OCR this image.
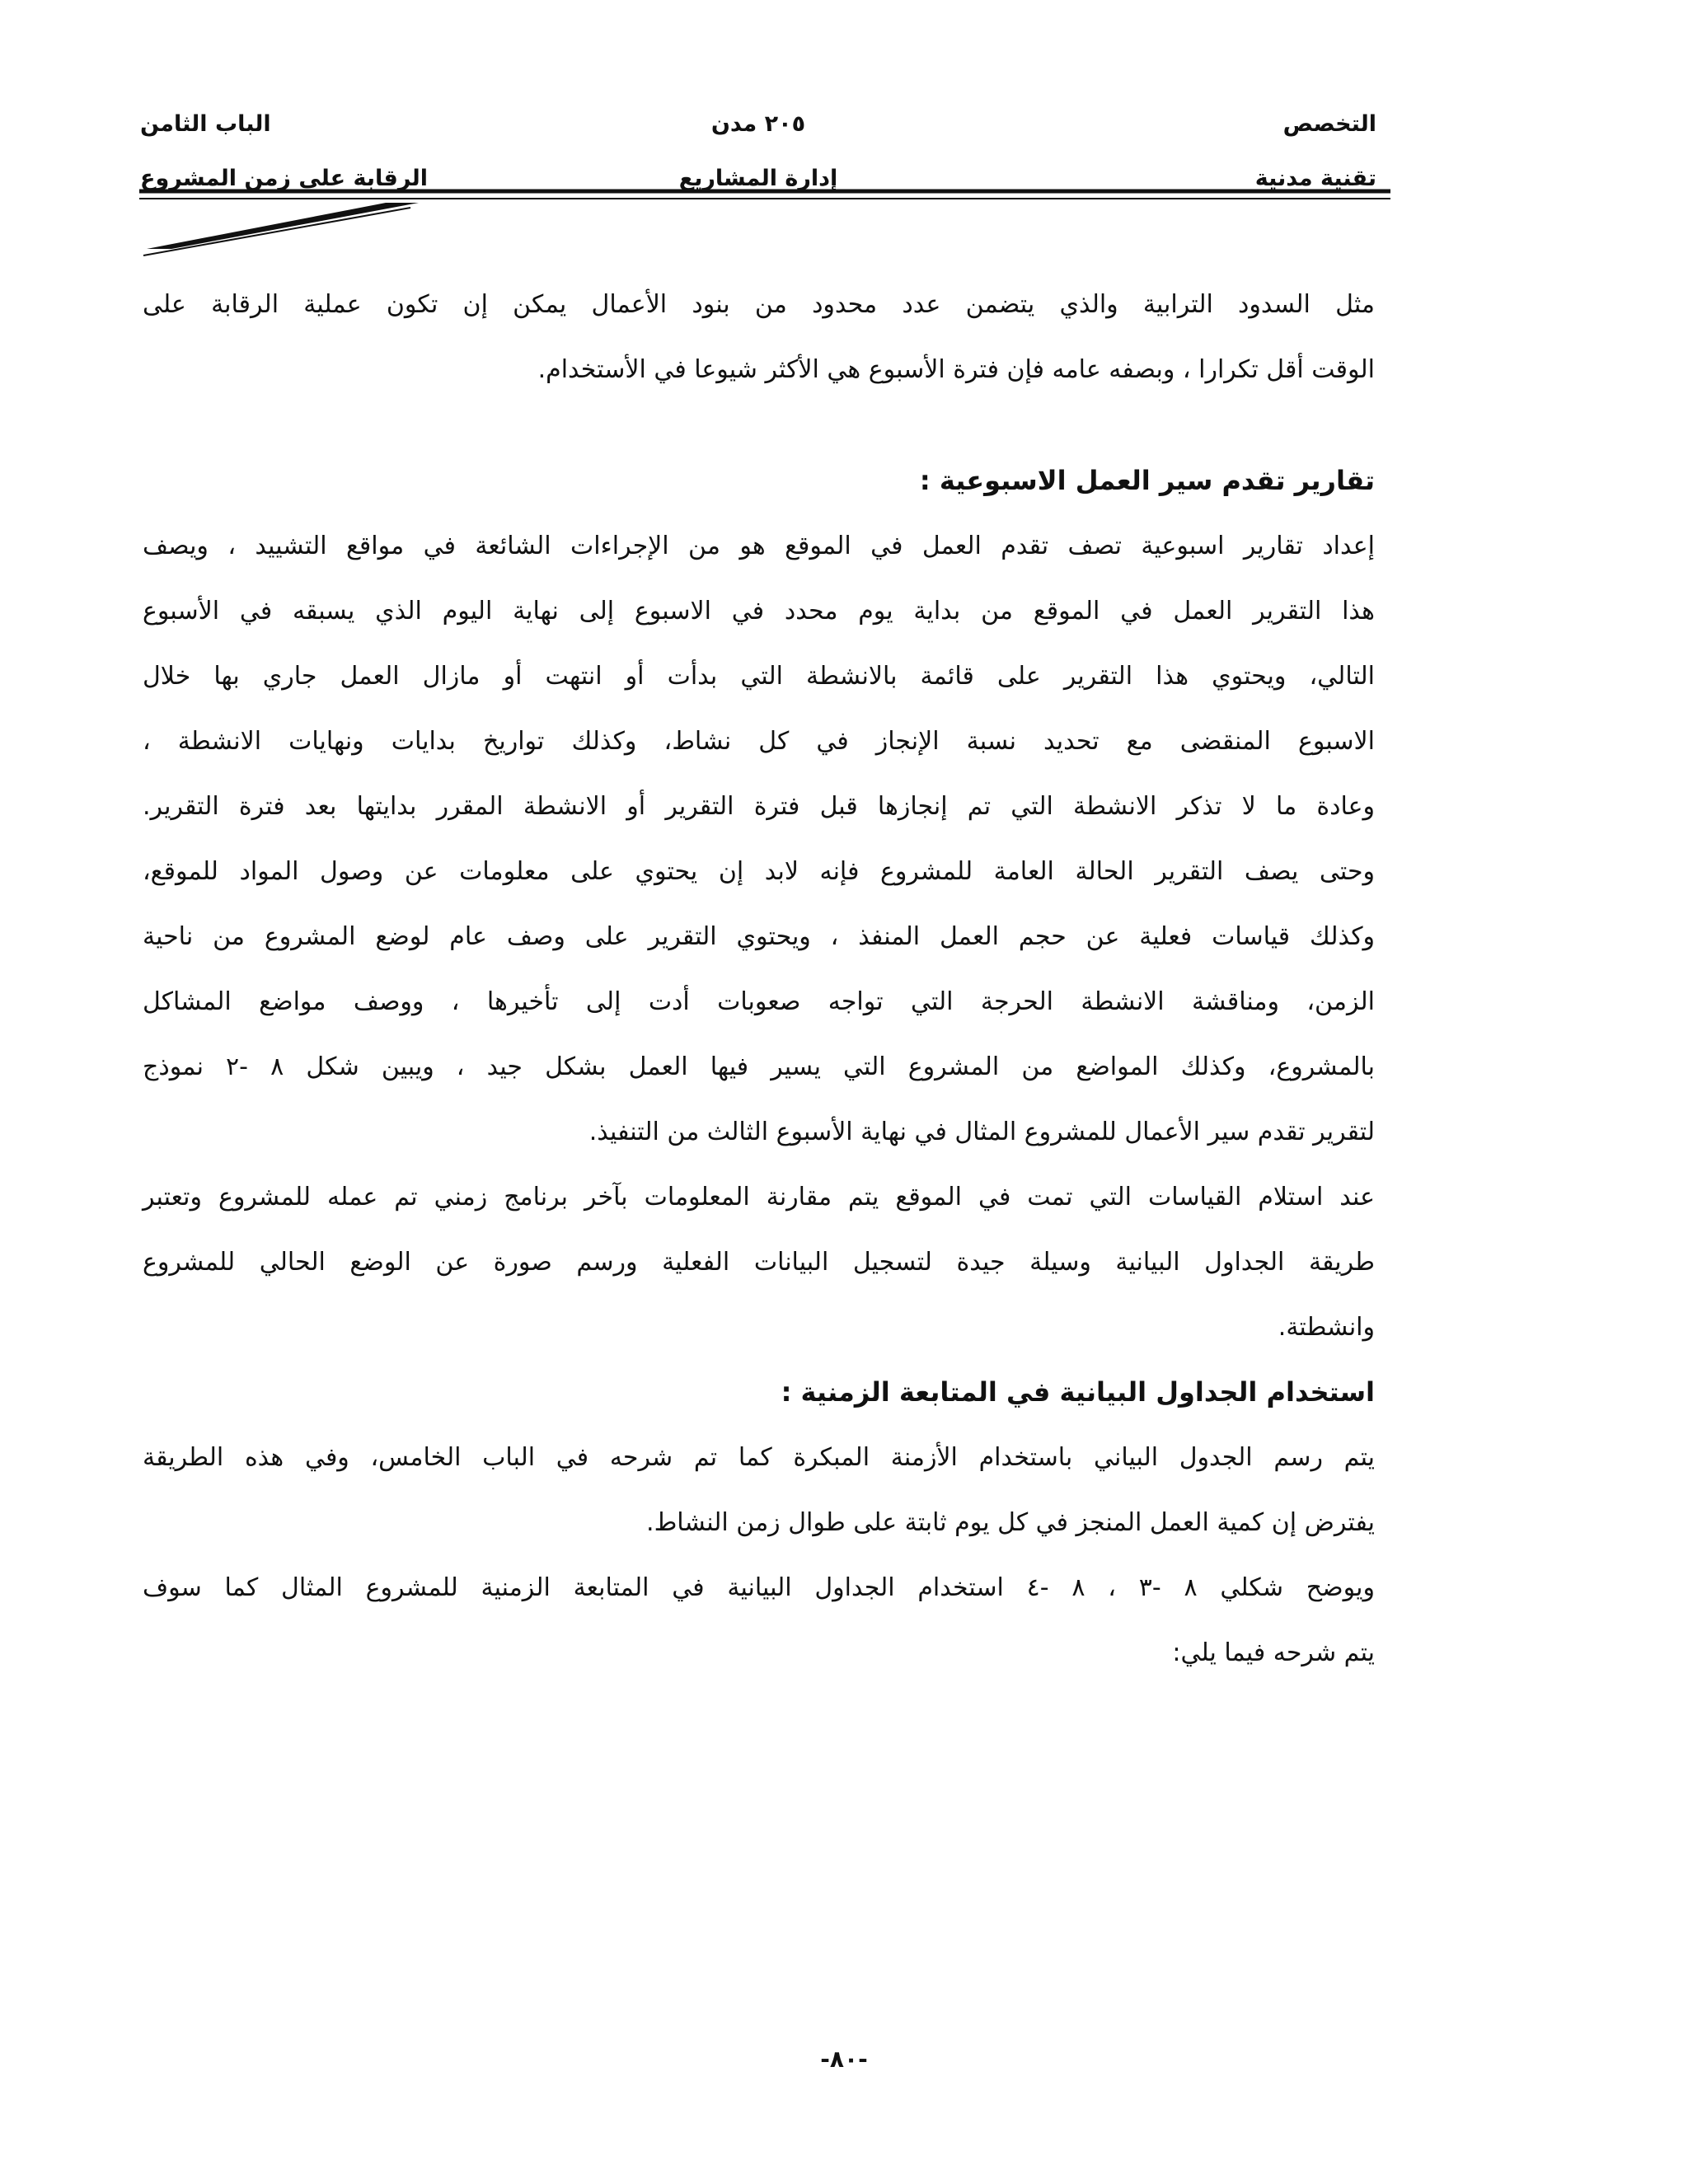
التخصص
تقنية مدنية
٢٠٥ مدن
إدارة المشاريع
الباب الثامن
الرقابة على زمن المشروع

مثل السدود الترابية والذي يتضمن عدد محدود من بنود الأعمال يمكن إن تكون عملية الرقابة على

الوقت أقل تكرارا ، وبصفه عامه فإن فترة الأسبوع هي الأكثر شيوعا في الأستخدام.

تقارير تقدم سير العمل الاسبوعية :

إعداد تقارير اسبوعية تصف تقدم العمل في الموقع هو من الإجراءات الشائعة في مواقع التشييد ، ويصف

هذا التقرير العمل في الموقع من بداية يوم محدد في الاسبوع إلى نهاية اليوم الذي يسبقه في الأسبوع

التالي، ويحتوي هذا التقرير على قائمة بالانشطة التي بدأت أو انتهت أو مازال العمل جاري بها خلال

الاسبوع المنقضى مع تحديد نسبة الإنجاز في كل نشاط، وكذلك تواريخ بدايات ونهايات الانشطة ،

وعادة ما لا تذكر الانشطة التي تم إنجازها قبل فترة التقرير أو الانشطة المقرر بدايتها بعد فترة التقرير.

وحتى يصف التقرير الحالة العامة للمشروع فإنه لابد إن يحتوي على معلومات عن وصول المواد للموقع،

وكذلك قياسات فعلية عن حجم العمل المنفذ ، ويحتوي التقرير على وصف عام لوضع المشروع من ناحية

الزمن، ومناقشة الانشطة الحرجة التي تواجه صعوبات أدت إلى تأخيرها ، ووصف مواضع المشاكل

بالمشروع، وكذلك المواضع من المشروع التي يسير فيها العمل بشكل جيد ، ويبين شكل ٨ -٢ نموذج

لتقرير تقدم سير الأعمال للمشروع المثال في نهاية الأسبوع الثالث من التنفيذ.

عند استلام القياسات التي تمت في الموقع يتم مقارنة المعلومات بآخر برنامج زمني تم عمله للمشروع وتعتبر

طريقة الجداول البيانية وسيلة جيدة لتسجيل البيانات الفعلية ورسم صورة عن الوضع الحالي للمشروع

وانشطتة.

استخدام الجداول البيانية في المتابعة الزمنية :

يتم رسم الجدول البياني باستخدام الأزمنة المبكرة كما تم شرحه في الباب الخامس، وفي هذه الطريقة

يفترض إن كمية العمل المنجز في كل يوم ثابتة على طوال زمن النشاط.

ويوضح شكلي ٨ -٣ ، ٨ -٤ استخدام الجداول البيانية في المتابعة الزمنية للمشروع المثال كما سوف

يتم شرحه فيما يلي:

-٨٠-
